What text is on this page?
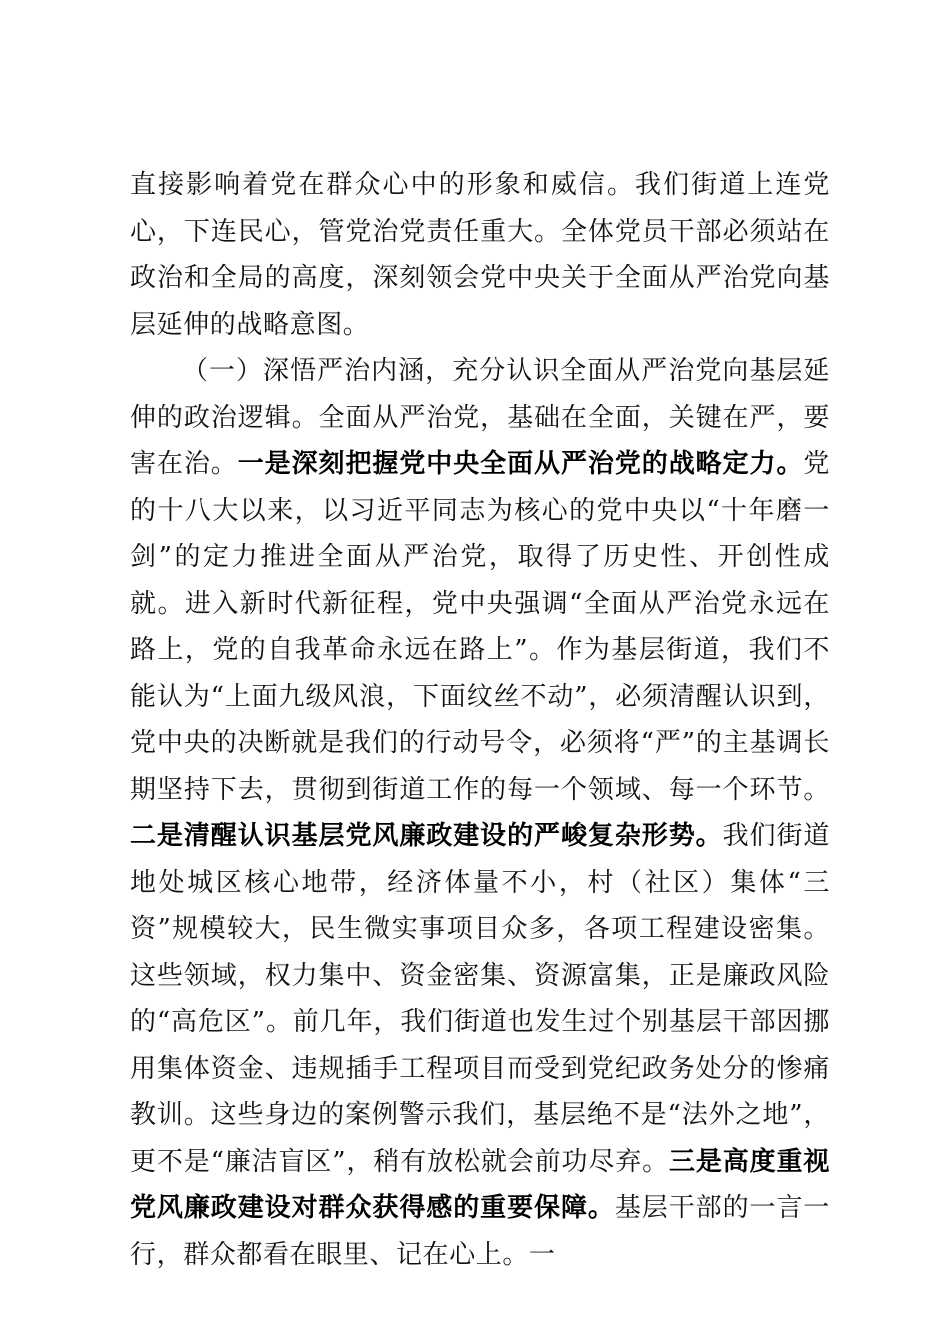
直接影响着党在群众心中的形象和威信。我们街道上连党心，下连民心，管党治党责任重大。全体党员干部必须站在政治和全局的高度，深刻领会党中央关于全面从严治党向基层延伸的战略意图。

（一）深悟严治内涵，充分认识全面从严治党向基层延伸的政治逻辑。全面从严治党，基础在全面，关键在严，要害在治。一是深刻把握党中央全面从严治党的战略定力。党的十八大以来，以习近平同志为核心的党中央以“十年磨一剑”的定力推进全面从严治党，取得了历史性、开创性成就。进入新时代新征程，党中央强调“全面从严治党永远在路上，党的自我革命永远在路上”。作为基层街道，我们不能认为“上面九级风浪，下面纹丝不动”，必须清醒认识到，党中央的决断就是我们的行动号令，必须将“严”的主基调长期坚持下去，贯彻到街道工作的每一个领域、每一个环节。二是清醒认识基层党风廉政建设的严峻复杂形势。我们街道地处城区核心地带，经济体量不小，村（社区）集体“三资”规模较大，民生微实事项目众多，各项工程建设密集。这些领域，权力集中、资金密集、资源富集，正是廉政风险的“高危区”。前几年，我们街道也发生过个别基层干部因挪用集体资金、违规插手工程项目而受到党纪政务处分的惨痛教训。这些身边的案例警示我们，基层绝不是“法外之地”，更不是“廉洁盲区”，稍有放松就会前功尽弃。三是高度重视党风廉政建设对群众获得感的重要保障。基层干部的一言一行，群众都看在眼里、记在心上。一
